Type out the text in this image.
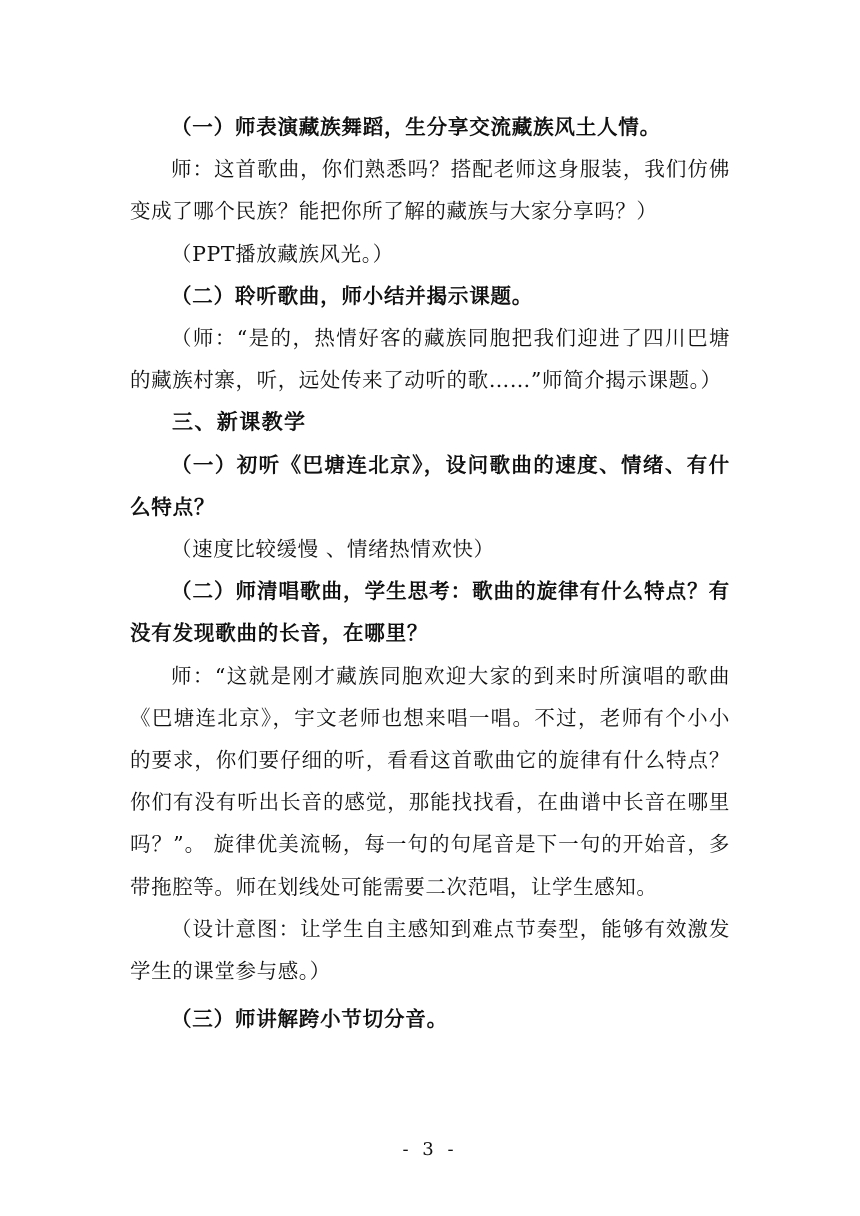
（一）师表演藏族舞蹈，生分享交流藏族风土人情。

师：这首歌曲，你们熟悉吗？搭配老师这身服装，我们仿佛变成了哪个民族？能把你所了解的藏族与大家分享吗？）

（PPT播放藏族风光。）

（二）聆听歌曲，师小结并揭示课题。

（师：“是的，热情好客的藏族同胞把我们迎进了四川巴塘的藏族村寨，听，远处传来了动听的歌……”师简介揭示课题。）

三、新课教学

（一）初听《巴塘连北京》，设问歌曲的速度、情绪、有什么特点？

（速度比较缓慢 、情绪热情欢快）

（二）师清唱歌曲，学生思考：歌曲的旋律有什么特点？有没有发现歌曲的长音，在哪里？

师：“这就是刚才藏族同胞欢迎大家的到来时所演唱的歌曲《巴塘连北京》，宇文老师也想来唱一唱。不过，老师有个小小的要求，你们要仔细的听，看看这首歌曲它的旋律有什么特点？你们有没有听出长音的感觉，那能找找看，在曲谱中长音在哪里吗？”。 旋律优美流畅，每一句的句尾音是下一句的开始音，多带拖腔等。师在划线处可能需要二次范唱，让学生感知。

（设计意图：让学生自主感知到难点节奏型，能够有效激发学生的课堂参与感。）

（三）师讲解跨小节切分音。

- 3 -
